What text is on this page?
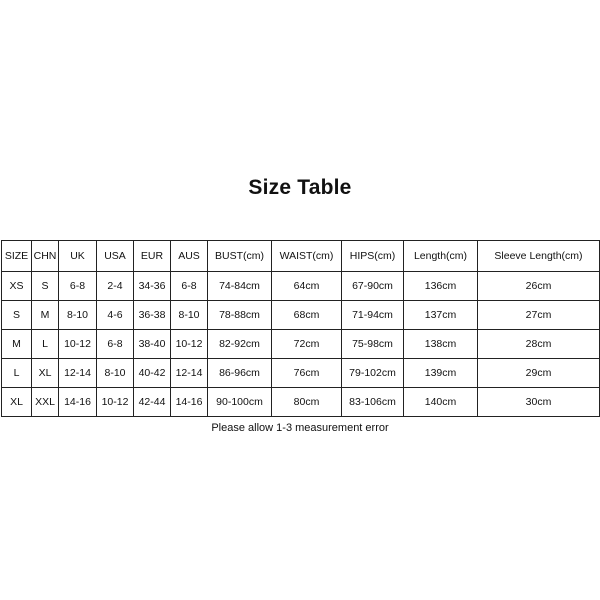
Size Table
SIZE	CHN	UK	USA	EUR	AUS	BUST(cm)	WAIST(cm)	HIPS(cm)	Length(cm)	Sleeve Length(cm)
XS	S	6-8	2-4	34-36	6-8	74-84cm	64cm	67-90cm	136cm	26cm
S	M	8-10	4-6	36-38	8-10	78-88cm	68cm	71-94cm	137cm	27cm
M	L	10-12	6-8	38-40	10-12	82-92cm	72cm	75-98cm	138cm	28cm
L	XL	12-14	8-10	40-42	12-14	86-96cm	76cm	79-102cm	139cm	29cm
XL	XXL	14-16	10-12	42-44	14-16	90-100cm	80cm	83-106cm	140cm	30cm
Please allow 1-3 measurement error
